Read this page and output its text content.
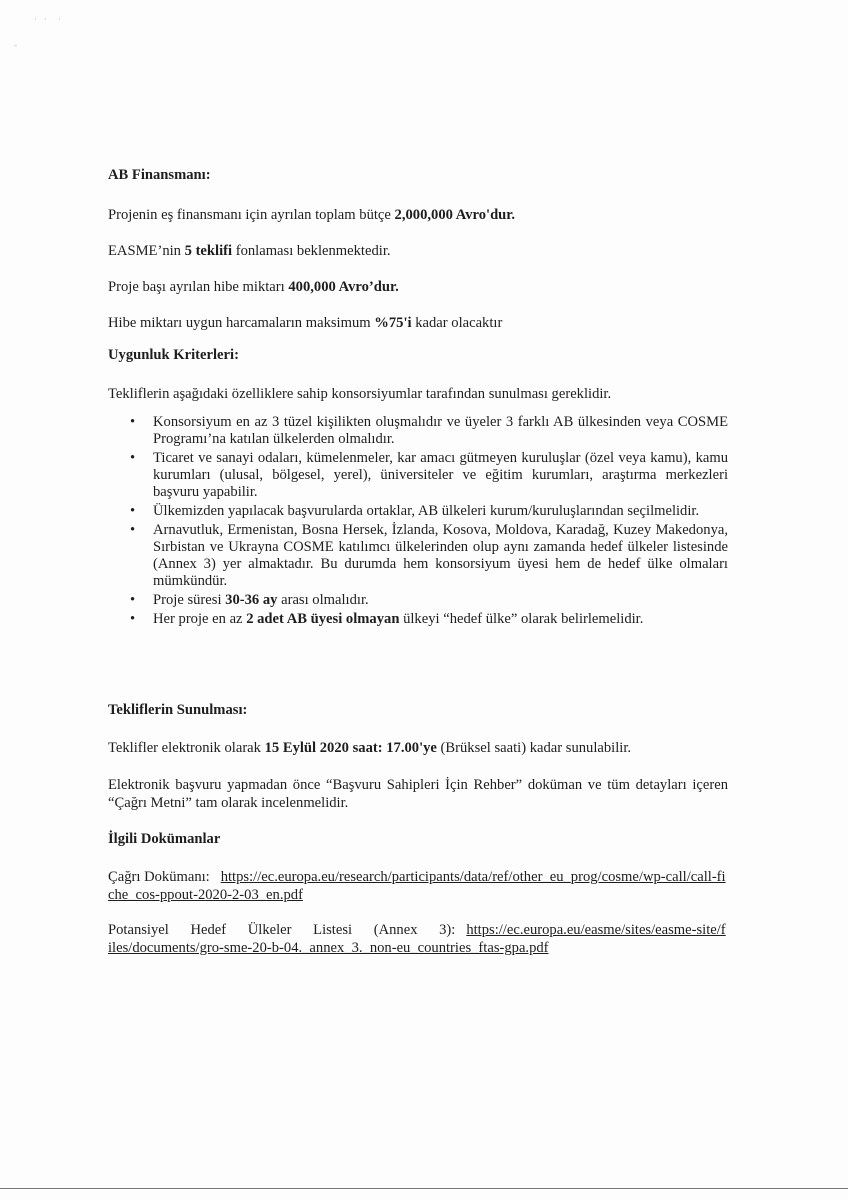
·   ·     ·
-
AB Finansmanı:
Projenin eş finansmanı için ayrılan toplam bütçe 2,000,000 Avro'dur.
EASME’nin 5 teklifi fonlaması beklenmektedir.
Proje başı ayrılan hibe miktarı 400,000 Avro’dur.
Hibe miktarı uygun harcamaların maksimum %75'i kadar olacaktır
Uygunluk Kriterleri:
Tekliflerin aşağıdaki özelliklere sahip konsorsiyumlar tarafından sunulması gereklidir.
• Konsorsiyum en az 3 tüzel kişilikten oluşmalıdır ve üyeler 3 farklı AB ülkesinden veya COSME Programı’na katılan ülkelerden olmalıdır.
• Ticaret ve sanayi odaları, kümelenmeler, kar amacı gütmeyen kuruluşlar (özel veya kamu), kamu kurumları (ulusal, bölgesel, yerel), üniversiteler ve eğitim kurumları, araştırma merkezleri başvuru yapabilir.
• Ülkemizden yapılacak başvurularda ortaklar, AB ülkeleri kurum/kuruluşlarından seçilmelidir.
• Arnavutluk, Ermenistan, Bosna Hersek, İzlanda, Kosova, Moldova, Karadağ, Kuzey Makedonya, Sırbistan ve Ukrayna COSME katılımcı ülkelerinden olup aynı zamanda hedef ülkeler listesinde (Annex 3) yer almaktadır. Bu durumda hem konsorsiyum üyesi hem de hedef ülke olmaları mümkündür.
• Proje süresi 30-36 ay arası olmalıdır.
• Her proje en az 2 adet AB üyesi olmayan ülkeyi “hedef ülke” olarak belirlemelidir.
Tekliflerin Sunulması:
Teklifler elektronik olarak 15 Eylül 2020 saat: 17.00'ye (Brüksel saati) kadar sunulabilir.
Elektronik başvuru yapmadan önce “Başvuru Sahipleri İçin Rehber” doküman ve tüm detayları içeren “Çağrı Metni” tam olarak incelenmelidir.
İlgili Dokümanlar
Çağrı Dokümanı: https://ec.europa.eu/research/participants/data/ref/other_eu_prog/cosme/wp-call/call-fiche_cos-ppout-2020-2-03_en.pdf
Potansiyel Hedef Ülkeler Listesi (Annex 3): https://ec.europa.eu/easme/sites/easme-site/files/documents/gro-sme-20-b-04._annex_3._non-eu_countries_ftas-gpa.pdf
